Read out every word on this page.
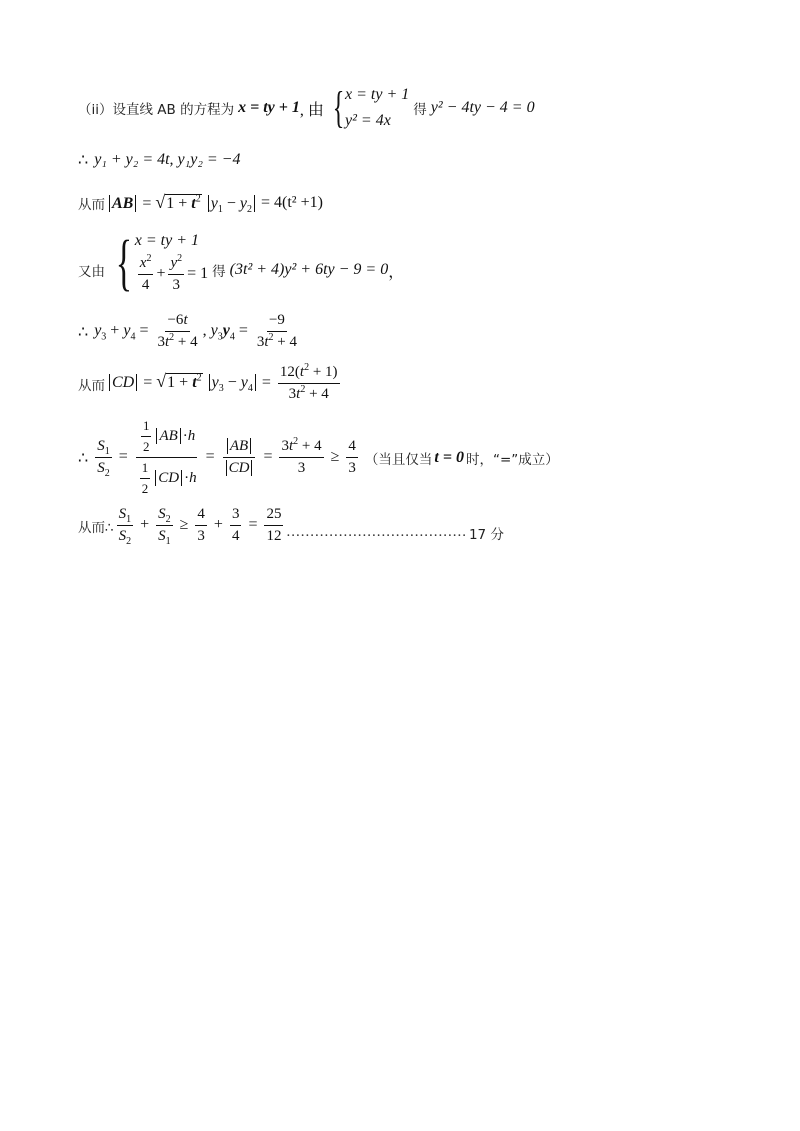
（ii）设直线 AB 的方程为 x = ty + 1 , 由 { x = ty + 1
y² = 4x
得 y² − 4ty − 4 = 0
∴ y₁ + y₂ = 4t, y₁y₂ = −4
从而 AB = √ $1 + t^2$ $y_1 - y_2 = 4(t^2 +1)$
又由 { x = ty + 1
$\frac{x^2}{4} + \frac{y^2}{3} = 1$ 得 (3t² + 4)y² + 6ty − 9 = 0 ，
∴ $y_3 + y_4 = \frac{-6t}{3t^2 + 4}$ , $y_3y_4 = \frac{-9}{3t^2 + 4}$
从而 CD = √ $1 + t^2$ $y_3 - y_4 = \frac{12(t^2 + 1)}{3t^2 + 4}$
∴ $\frac{S_1}{S_2} = \frac{\frac{1}{2} AB \cdot h}{\frac{1}{2} CD \cdot h} = \frac{AB}{CD} = \frac{3t^2 + 4}{3} \ge \frac{4}{3}$ （当且仅当 t = 0 时，“=”成立）
从而∴ $\frac{S_1}{S_2} + \frac{S_2}{S_1} \ge \frac{4}{3} + \frac{3}{4} = \frac{25}{12}$ ...................................... 17 分
